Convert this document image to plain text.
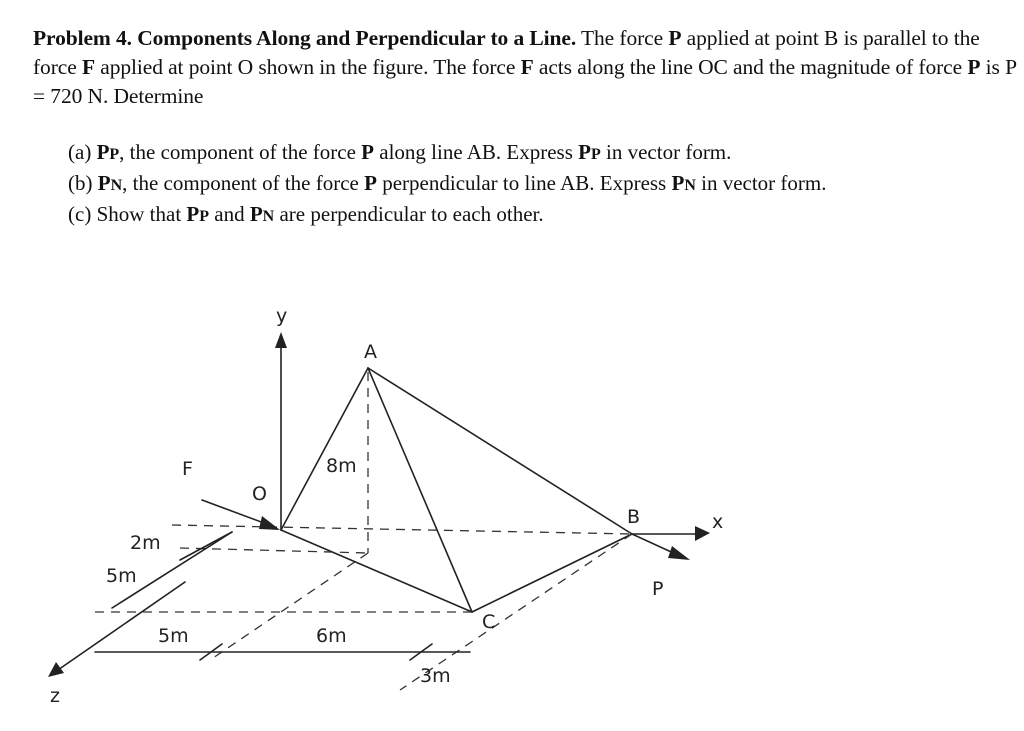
Problem 4. Components Along and Perpendicular to a Line. The force P applied at point B is parallel to the force F applied at point O shown in the figure. The force F acts along the line OC and the magnitude of force P is P = 720 N. Determine
(a) PP, the component of the force P along line AB. Express PP in vector form.
(b) PN, the component of the force P perpendicular to line AB. Express PN in vector form.
(c) Show that PP and PN are perpendicular to each other.
y
x
z
F
P
A
B
C
O
8m
2m
5m
5m	6m
3m
